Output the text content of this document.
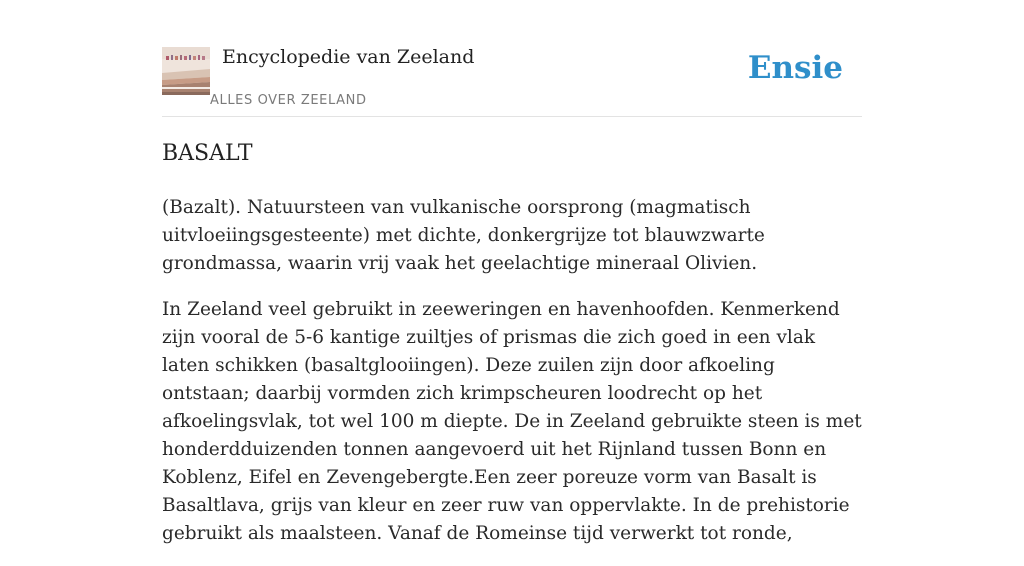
Encyclopedie van Zeeland
ALLES OVER ZEELAND
Ensie
BASALT

(Bazalt). Natuursteen van vulkanische oorsprong (magmatisch uitvloeiingsgesteente) met dichte, donkergrijze tot blauwzwarte grondmassa, waarin vrij vaak het geelachtige mineraal Olivien.

In Zeeland veel gebruikt in zeeweringen en havenhoofden. Kenmerkend zijn vooral de 5-6 kantige zuiltjes of prismas die zich goed in een vlak laten schikken (basaltglooiingen). Deze zuilen zijn door afkoeling ontstaan; daarbij vormden zich krimpscheuren loodrecht op het afkoelingsvlak, tot wel 100 m diepte. De in Zeeland gebruikte steen is met honderdduizenden tonnen aangevoerd uit het Rijnland tussen Bonn en Koblenz, Eifel en Zevengebergte.Een zeer poreuze vorm van Basalt is Basaltlava, grijs van kleur en zeer ruw van oppervlakte. In de prehistorie gebruikt als maalsteen. Vanaf de Romeinse tijd verwerkt tot ronde,
